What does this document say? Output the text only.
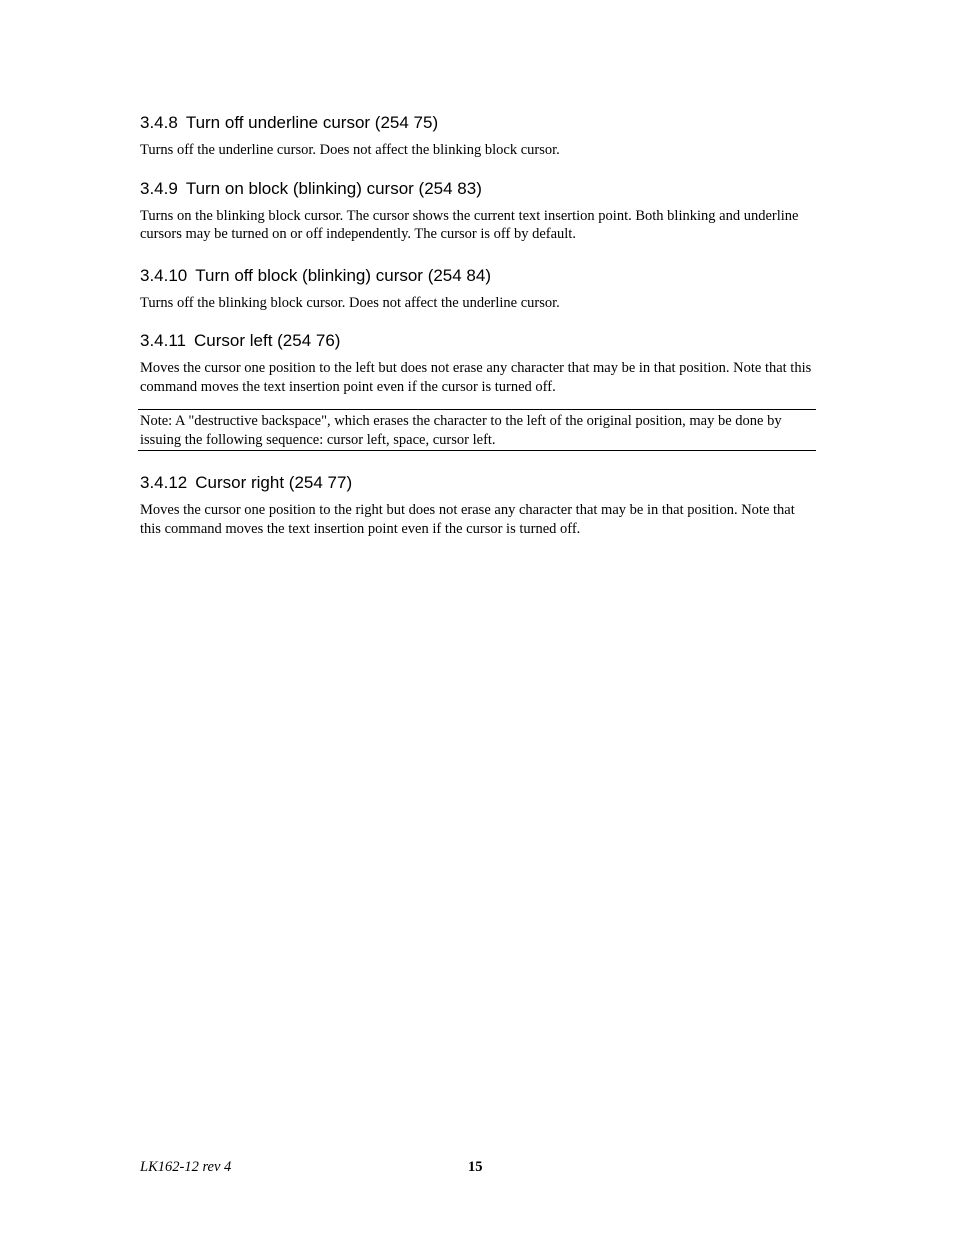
3.4.8 Turn off underline cursor (254 75)

Turns off the underline cursor. Does not affect the blinking block cursor.

3.4.9 Turn on block (blinking) cursor (254 83)

Turns on the blinking block cursor. The cursor shows the current text insertion point. Both blinking and underline cursors may be turned on or off independently. The cursor is off by default.

3.4.10 Turn off block (blinking) cursor (254 84)

Turns off the blinking block cursor. Does not affect the underline cursor.

3.4.11 Cursor left (254 76)

Moves the cursor one position to the left but does not erase any character that may be in that position. Note that this command moves the text insertion point even if the cursor is turned off.

Note: A "destructive backspace", which erases the character to the left of the original position, may be done by issuing the following sequence: cursor left, space, cursor left.
3.4.12 Cursor right (254 77)

Moves the cursor one position to the right but does not erase any character that may be in that position. Note that this command moves the text insertion point even if the cursor is turned off.

LK162-12 rev 4	15
